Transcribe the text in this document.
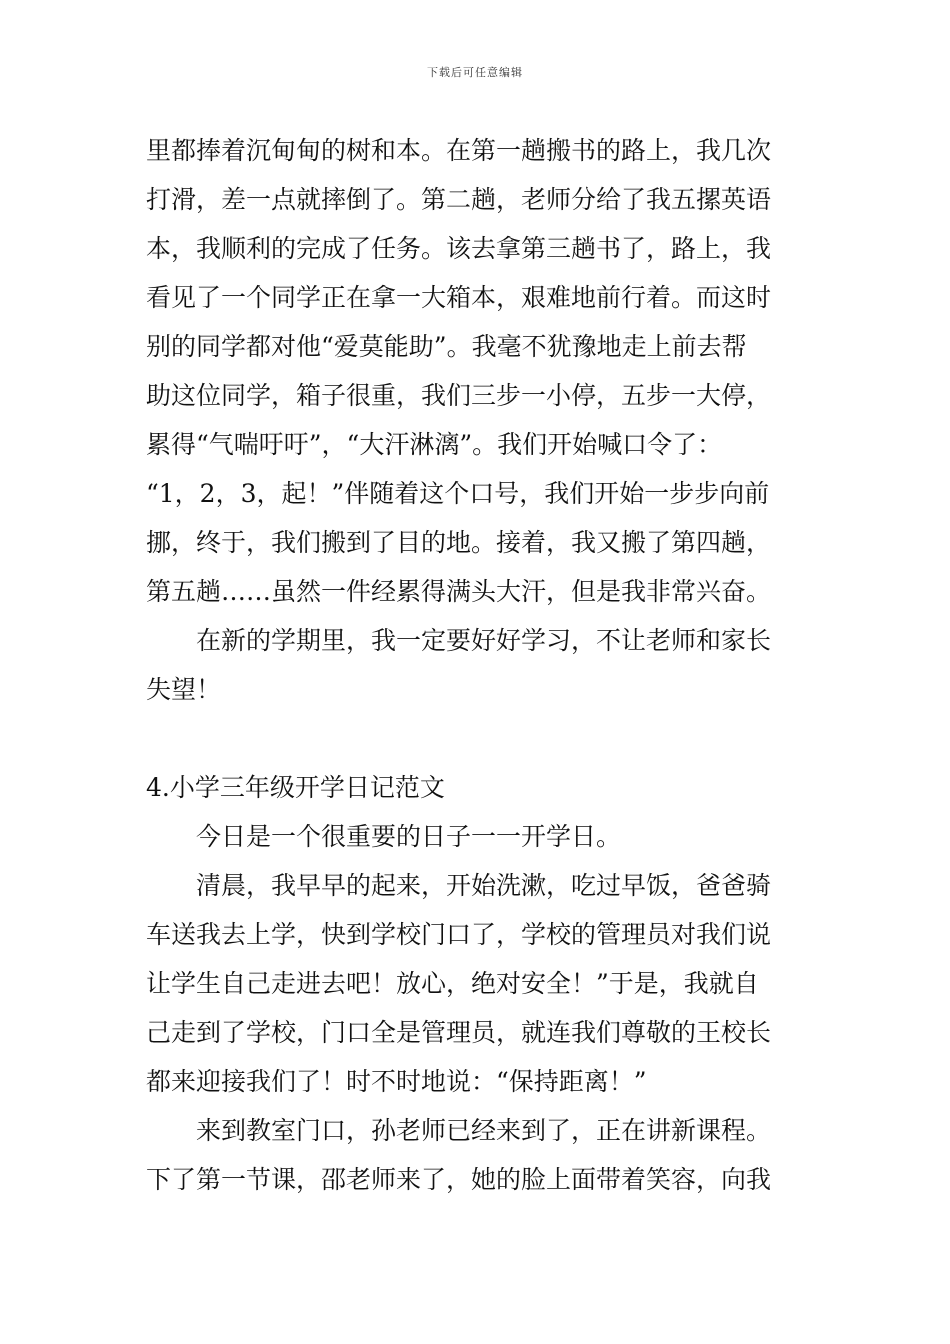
下载后可任意编辑
里都捧着沉甸甸的树和本。在第一趟搬书的路上，我几次
打滑，差一点就摔倒了。第二趟，老师分给了我五摞英语
本，我顺利的完成了任务。该去拿第三趟书了，路上，我
看见了一个同学正在拿一大箱本，艰难地前行着。而这时
别的同学都对他“爱莫能助”。我毫不犹豫地走上前去帮
助这位同学，箱子很重，我们三步一小停，五步一大停，
累得“气喘吁吁”，“大汗淋漓”。我们开始喊口令了：
“1，2，3，起！”伴随着这个口号，我们开始一步步向前
挪，终于，我们搬到了目的地。接着，我又搬了第四趟，
第五趟……虽然一件经累得满头大汗，但是我非常兴奋。
在新的学期里，我一定要好好学习，不让老师和家长
失望！
4.小学三年级开学日记范文
今日是一个很重要的日子一一开学日。
清晨，我早早的起来，开始洗漱，吃过早饭，爸爸骑
车送我去上学，快到学校门口了，学校的管理员对我们说
让学生自己走进去吧！放心，绝对安全！”于是，我就自
己走到了学校，门口全是管理员，就连我们尊敬的王校长
都来迎接我们了！时不时地说：“保持距离！”
来到教室门口，孙老师已经来到了，正在讲新课程。
下了第一节课，邵老师来了，她的脸上面带着笑容，向我
